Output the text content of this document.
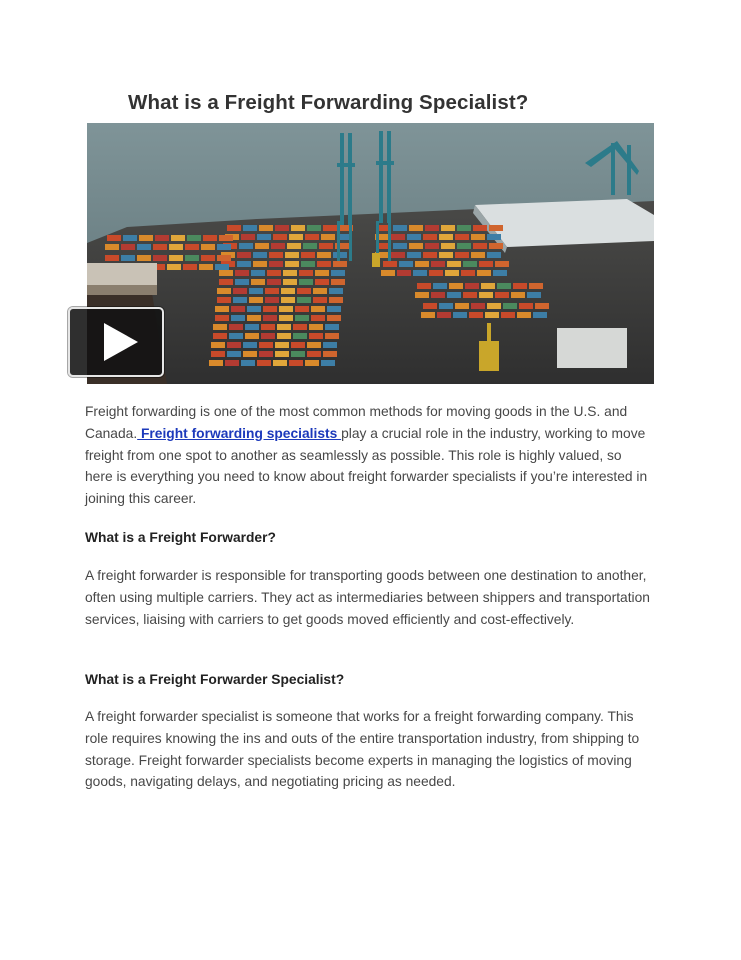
What is a Freight Forwarding Specialist?

Freight forwarding is one of the most common methods for moving goods in the U.S. and Canada. Freight forwarding specialists play a crucial role in the industry, working to move freight from one spot to another as seamlessly as possible. This role is highly valued, so here is everything you need to know about freight forwarder specialists if you’re interested in joining this career.

What is a Freight Forwarder?

A freight forwarder is responsible for transporting goods between one destination to another, often using multiple carriers. They act as intermediaries between shippers and transportation services, liaising with carriers to get goods moved efficiently and cost-effectively.

What is a Freight Forwarder Specialist?

A freight forwarder specialist is someone that works for a freight forwarding company. This role requires knowing the ins and outs of the entire transportation industry, from shipping to storage. Freight forwarder specialists become experts in managing the logistics of moving goods, navigating delays, and negotiating pricing as needed.
